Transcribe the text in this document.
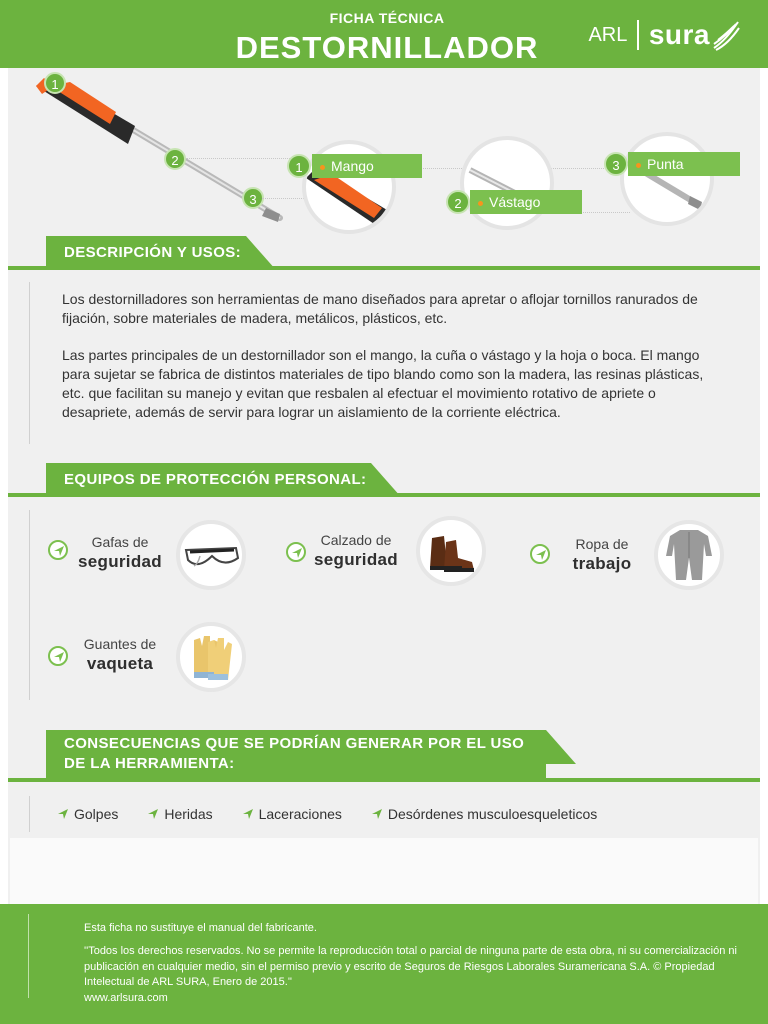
FICHA TÉCNICA
DESTORNILLADOR	ARL sura
1
2
3
1	Mango
2	Vástago
3	Punta
DESCRIPCIÓN Y USOS:

Los destornilladores son herramientas de mano diseñados para apretar o aflojar tornillos ranurados de fijación, sobre materiales de madera, metálicos, plásticos, etc.

Las partes principales de un destornillador son el mango, la cuña o vástago y la hoja o boca. El mango para sujetar se fabrica de distintos materiales de tipo blando como son la madera, las resinas plásticas, etc. que facilitan su manejo y evitan que resbalen al efectuar el movimiento rotativo de apriete o desapriete, además de servir para lograr un aislamiento de la corriente eléctrica.

EQUIPOS DE PROTECCIÓN PERSONAL:
Gafas de
seguridad
Calzado de
seguridad
Ropa de
trabajo
Guantes de
vaqueta
CONSECUENCIAS QUE SE PODRÍAN GENERAR POR EL USO
DE LA HERRAMIENTA:
Golpes	Heridas	Laceraciones	Desórdenes musculoesqueleticos
Esta ficha no sustituye el manual del fabricante.
''Todos los derechos reservados. No se permite la reproducción total o parcial de ninguna parte de esta obra, ni su comercialización ni publicación en cualquier medio, sin el permiso previo y escrito de Seguros de Riesgos Laborales Suramericana S.A. © Propiedad Intelectual de ARL SURA, Enero de 2015.''
www.arlsura.com
